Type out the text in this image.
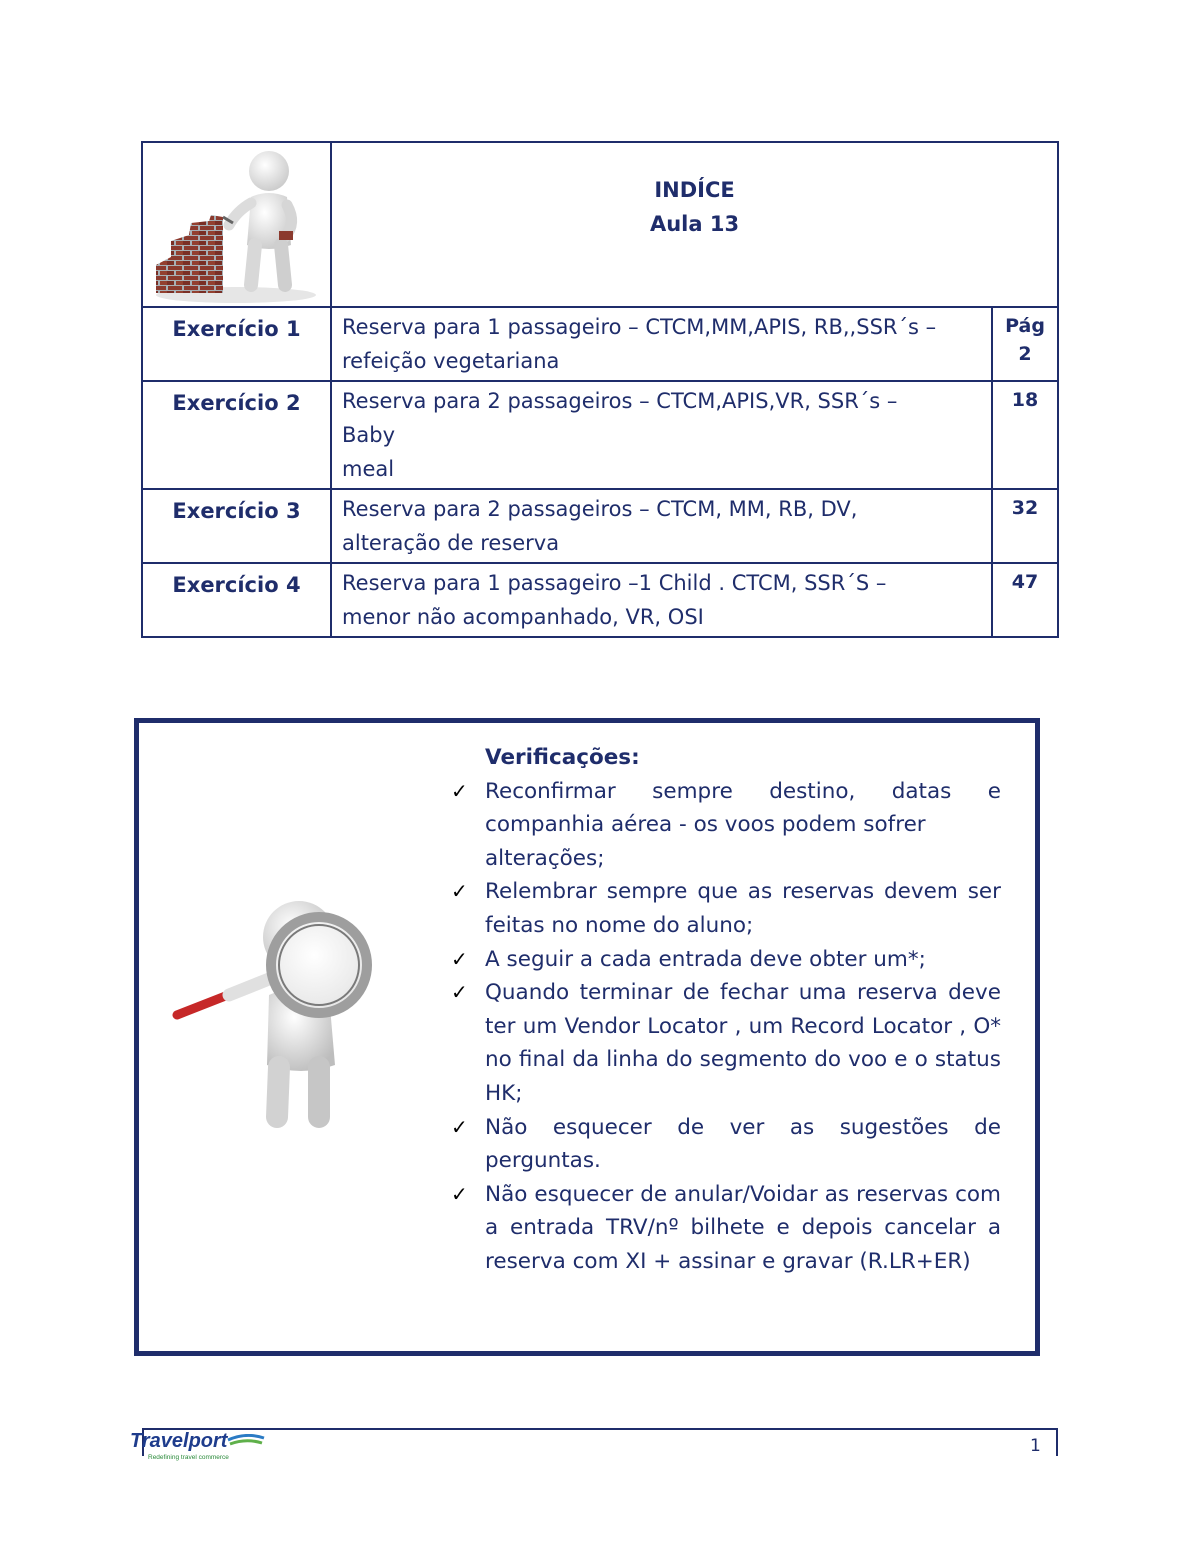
INDÍCE
Aula 13	

Exercício 1	Reserva para 1 passageiro – CTCM,MM,APIS, RB,,SSR´s – refeição vegetariana	Pág
2
Exercício 2	Reserva para 2 passageiros – CTCM,APIS,VR, SSR´s –
Baby
meal	18
Exercício 3	Reserva para 2 passageiros – CTCM, MM, RB, DV,
alteração de reserva	32
Exercício 4	Reserva para 1 passageiro –1 Child . CTCM, SSR´S –
menor não acompanhado, VR, OSI	47
Verificações:
✓ Reconfirmar sempre destino, datas e companhia aérea - os voos podem sofrer
alterações;
✓ Relembrar sempre que as reservas devem ser feitas no nome do aluno;
✓ A seguir a cada entrada deve obter um*;
✓ Quando terminar de fechar uma reserva deve ter um Vendor Locator , um Record Locator , O* no final da linha do segmento do voo e o status HK;
✓ Não esquecer de ver as sugestões de perguntas.
✓ Não esquecer de anular/Voidar as reservas com a entrada TRV/nº bilhete e depois cancelar a reserva com XI + assinar e gravar (R.LR+ER)
Travelport
Redefining travel commerce
1
